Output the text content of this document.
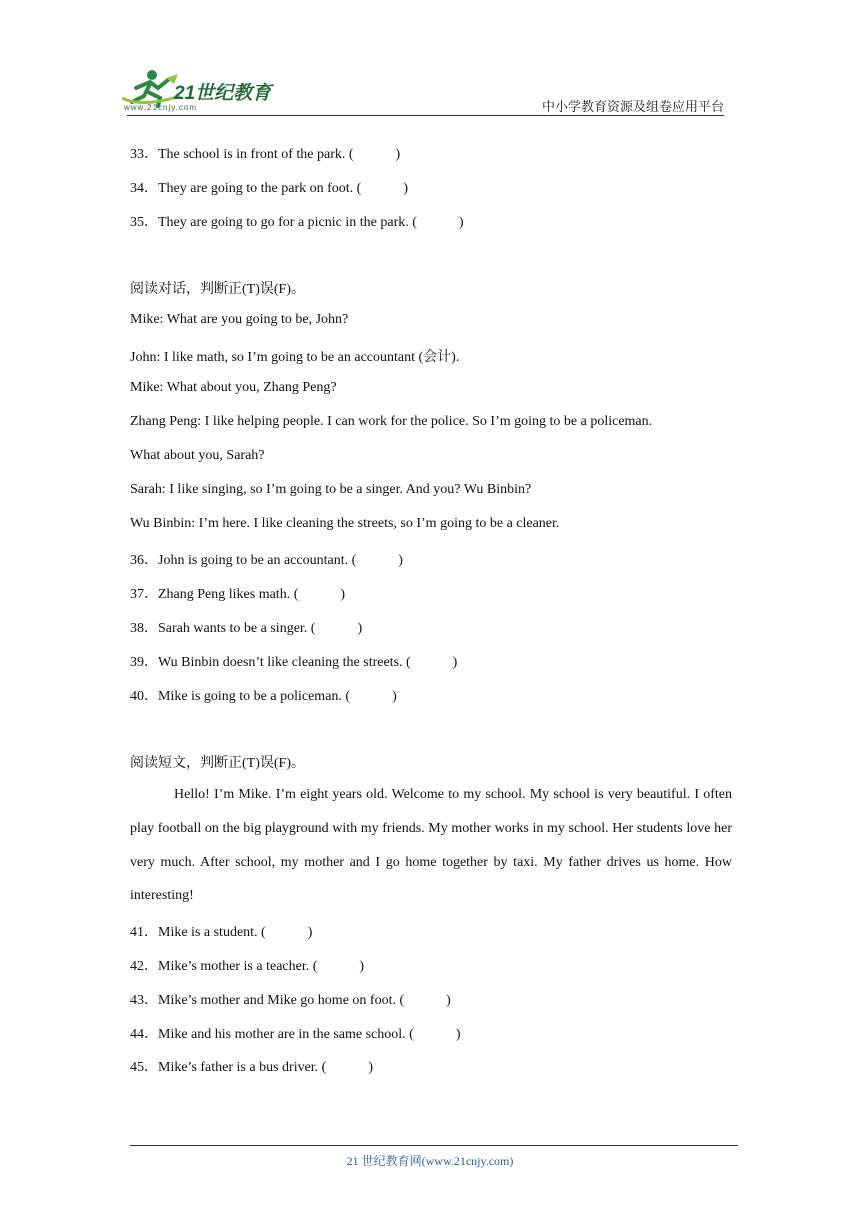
21世纪教育
www.21cnjy.com	中小学教育资源及组卷应用平台
33．The school is in front of the park. (　　　)
34．They are going to the park on foot. (　　　)
35．They are going to go for a picnic in the park. (　　　)
阅读对话，判断正(T)误(F)。
Mike: What are you going to be, John?
John: I like math, so I’m going to be an accountant (会计).
Mike: What about you, Zhang Peng?
Zhang Peng: I like helping people. I can work for the police. So I’m going to be a policeman.
What about you, Sarah?
Sarah: I like singing, so I’m going to be a singer. And you? Wu Binbin?
Wu Binbin: I’m here. I like cleaning the streets, so I’m going to be a cleaner.
36．John is going to be an accountant. (　　　)
37．Zhang Peng likes math. (　　　)
38．Sarah wants to be a singer. (　　　)
39．Wu Binbin doesn’t like cleaning the streets. (　　　)
40．Mike is going to be a policeman. (　　　)
阅读短文，判断正(T)误(F)。
Hello! I’m Mike. I’m eight years old. Welcome to my school. My school is very beautiful. I often play football on the big playground with my friends. My mother works in my school. Her students love her very much. After school, my mother and I go home together by taxi. My father drives us home. How interesting!
41．Mike is a student. (　　　)
42．Mike’s mother is a teacher. (　　　)
43．Mike’s mother and Mike go home on foot. (　　　)
44．Mike and his mother are in the same school. (　　　)
45．Mike’s father is a bus driver. (　　　)
21 世纪教育网(www.21cnjy.com)
